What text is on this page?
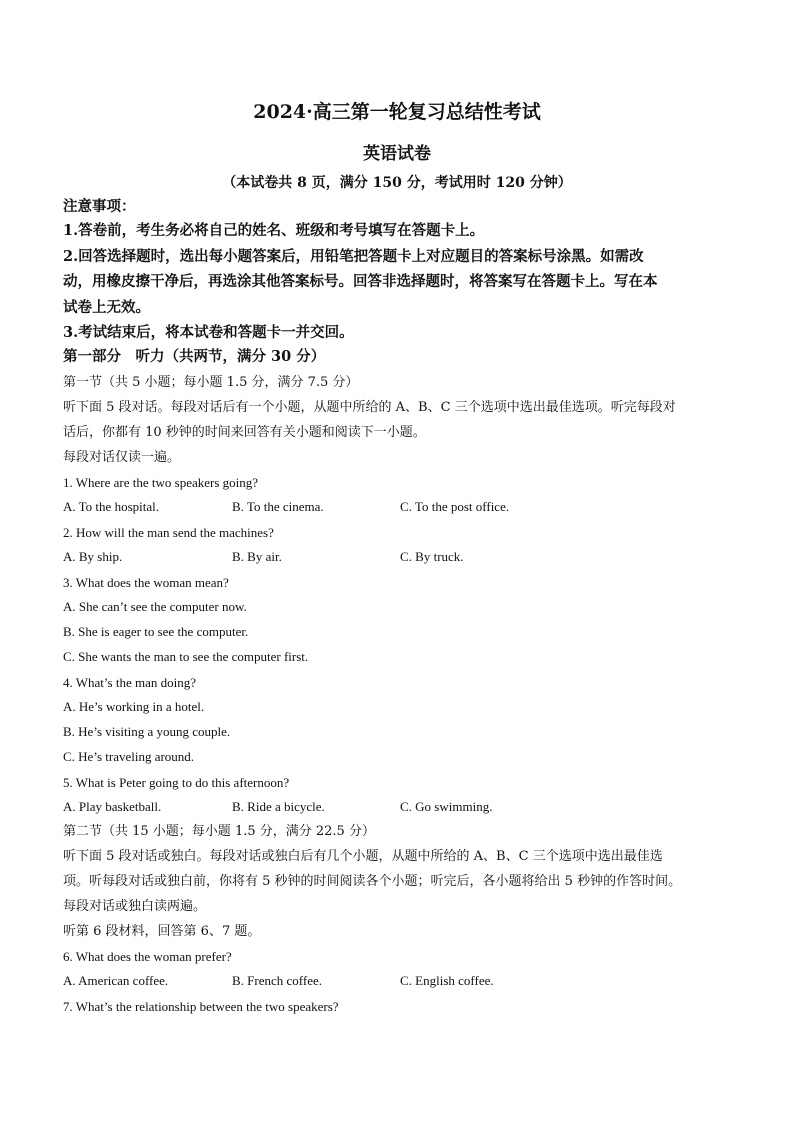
2024·高三第一轮复习总结性考试
英语试卷
（本试卷共 8 页，满分 150 分，考试用时 120 分钟）
注意事项：
1.答卷前，考生务必将自己的姓名、班级和考号填写在答题卡上。
2.回答选择题时，选出每小题答案后，用铅笔把答题卡上对应题目的答案标号涂黑。如需改
动，用橡皮擦干净后，再选涂其他答案标号。回答非选择题时，将答案写在答题卡上。写在本
试卷上无效。
3.考试结束后，将本试卷和答题卡一并交回。
第一部分　听力（共两节，满分 30 分）
第一节（共 5 小题；每小题 1.5 分，满分 7.5 分）
听下面 5 段对话。每段对话后有一个小题，从题中所给的 A、B、C 三个选项中选出最佳选项。听完每段对
话后，你都有 10 秒钟的时间来回答有关小题和阅读下一小题。
每段对话仅读一遍。
1. Where are the two speakers going?
A. To the hospital.	B. To the cinema.	C. To the post office.
2. How will the man send the machines?
A. By ship.	B. By air.	C. By truck.
3. What does the woman mean?
A. She can’t see the computer now.
B. She is eager to see the computer.
C. She wants the man to see the computer first.
4. What’s the man doing?
A. He’s working in a hotel.
B. He’s visiting a young couple.
C. He’s traveling around.
5. What is Peter going to do this afternoon?
A. Play basketball.	B. Ride a bicycle.	C. Go swimming.
第二节（共 15 小题；每小题 1.5 分，满分 22.5 分）
听下面 5 段对话或独白。每段对话或独白后有几个小题，从题中所给的 A、B、C 三个选项中选出最佳选
项。听每段对话或独白前，你将有 5 秒钟的时间阅读各个小题；听完后，各小题将给出 5 秒钟的作答时间。
每段对话或独白读两遍。
听第 6 段材料，回答第 6、7 题。
6. What does the woman prefer?
A. American coffee.	B. French coffee.	C. English coffee.
7. What’s the relationship between the two speakers?
